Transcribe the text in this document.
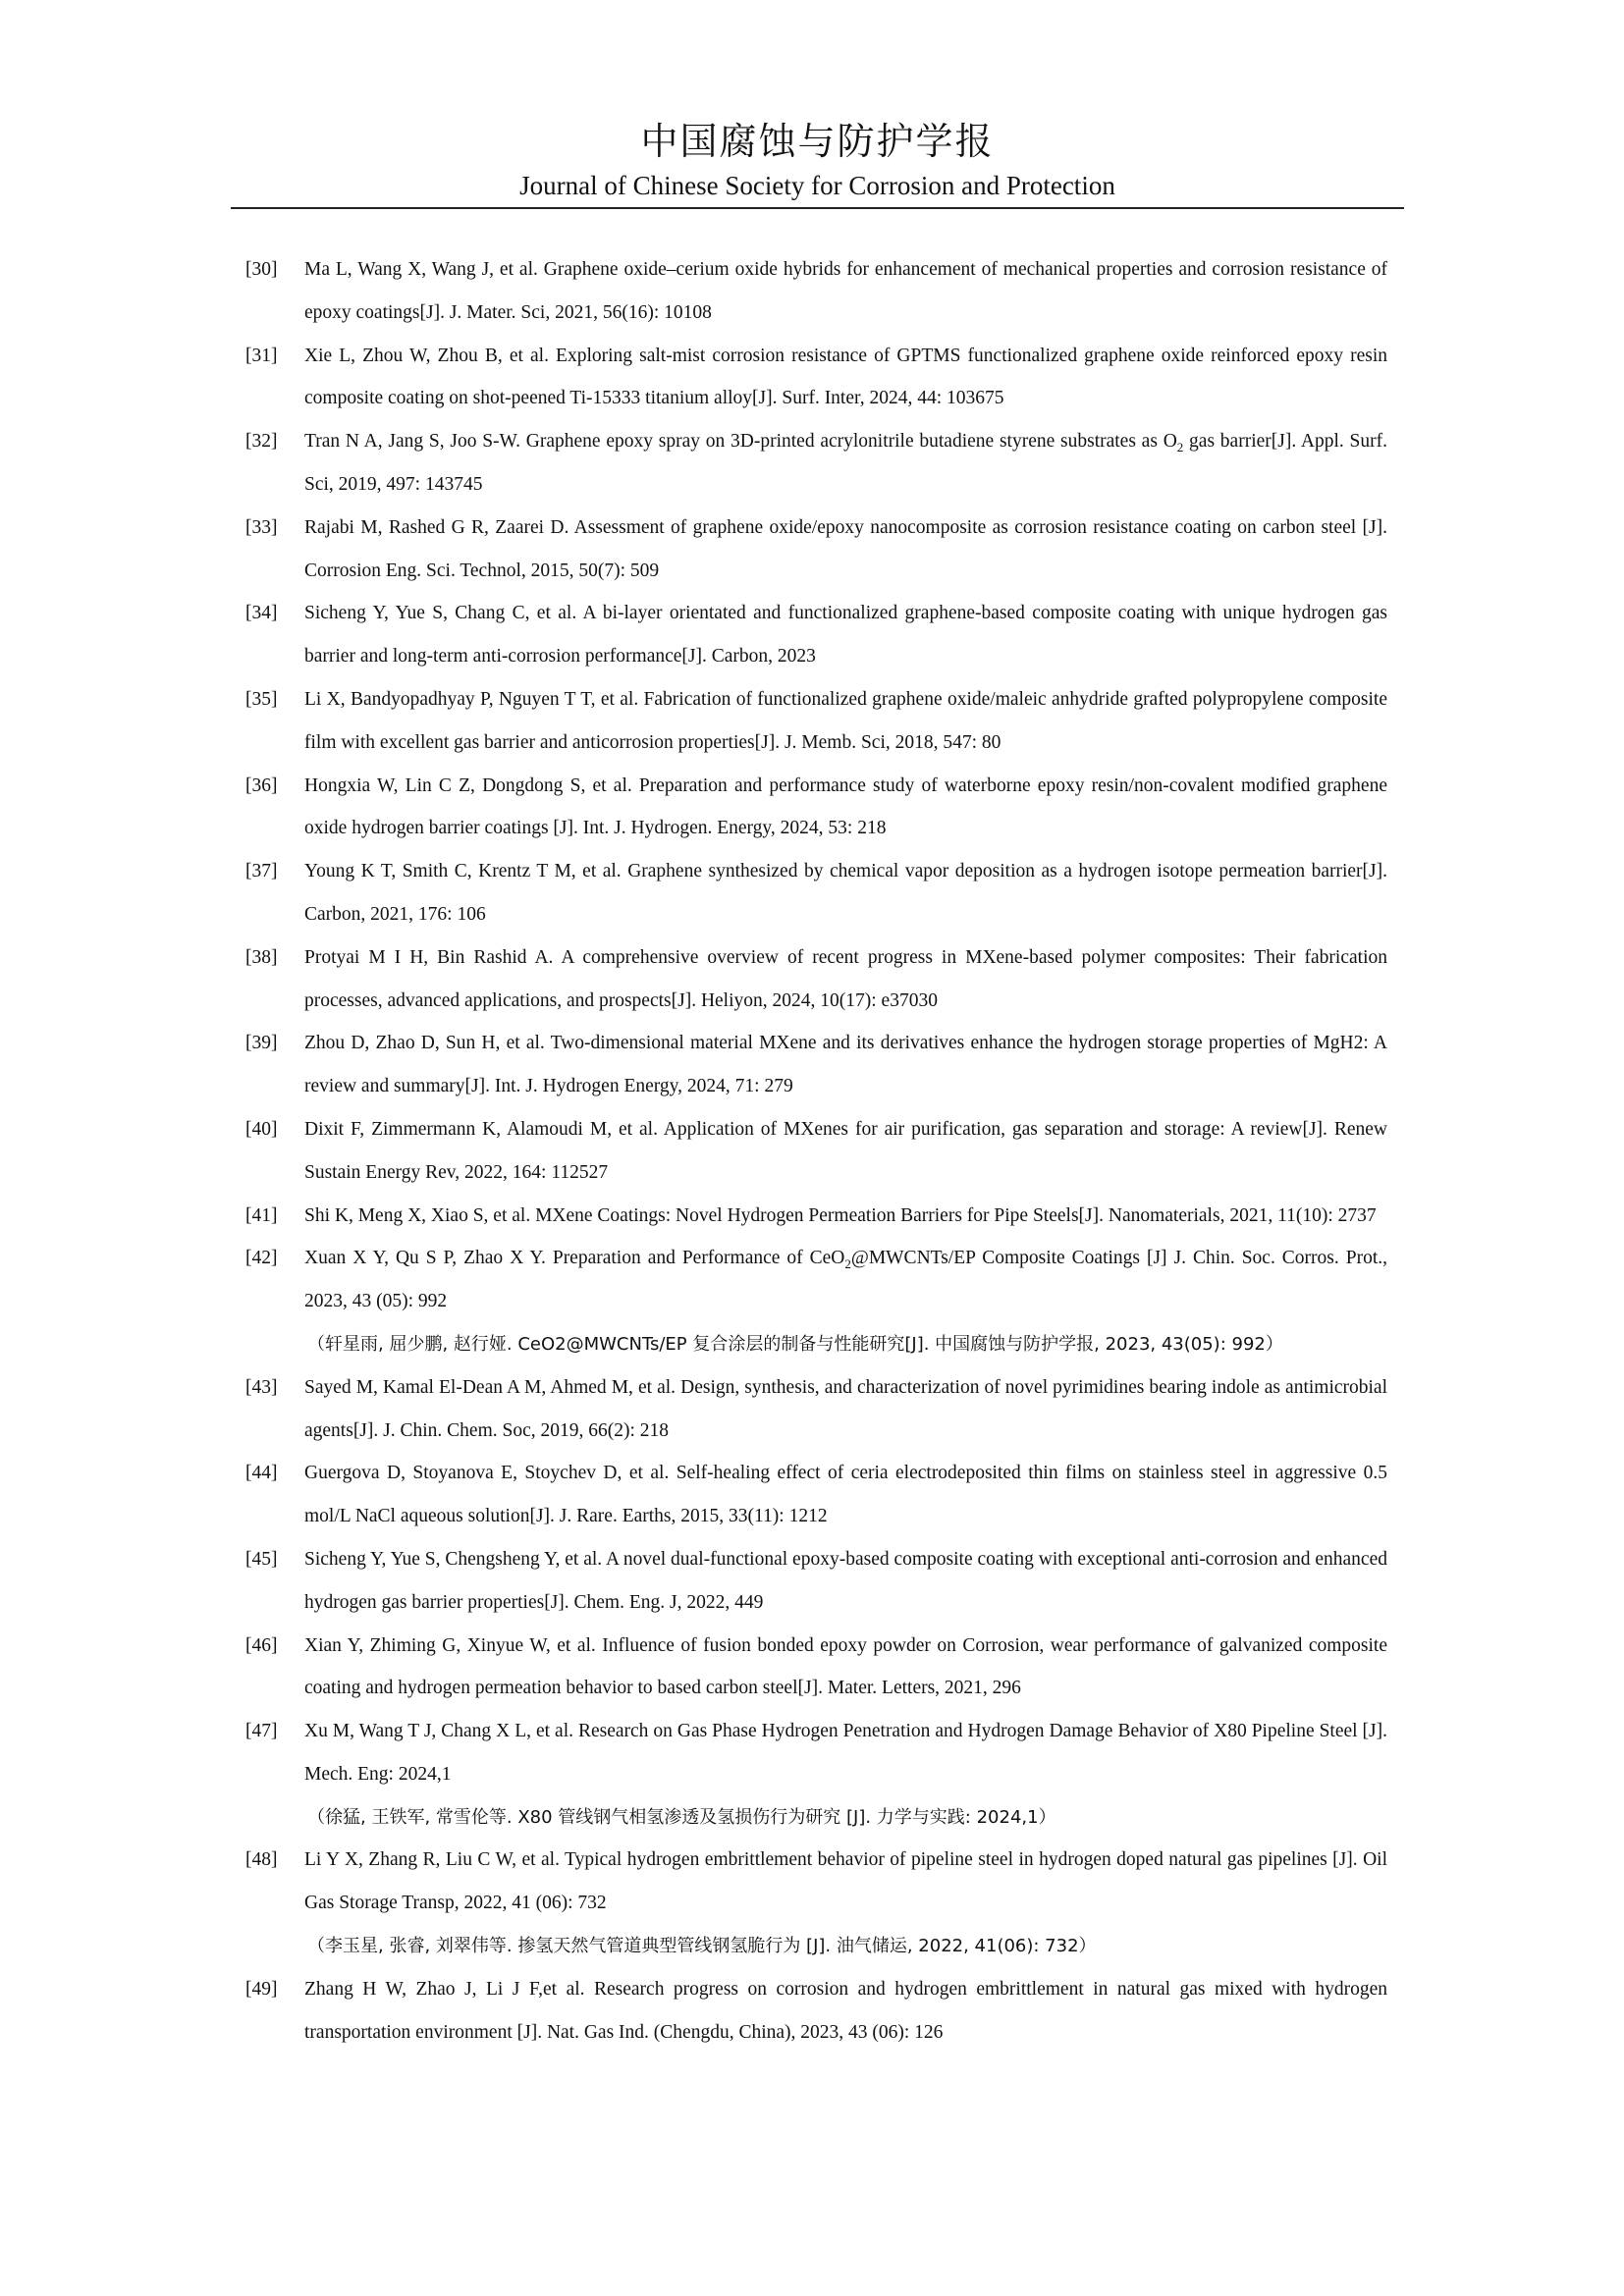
中国腐蚀与防护学报
Journal of Chinese Society for Corrosion and Protection
[30]	Ma L, Wang X, Wang J, et al. Graphene oxide–cerium oxide hybrids for enhancement of mechanical properties and corrosion resistance of epoxy coatings[J]. J. Mater. Sci, 2021, 56(16): 10108
[31]	Xie L, Zhou W, Zhou B, et al. Exploring salt-mist corrosion resistance of GPTMS functionalized graphene oxide reinforced epoxy resin composite coating on shot-peened Ti-15333 titanium alloy[J]. Surf. Inter, 2024, 44: 103675
[32]	Tran N A, Jang S, Joo S-W. Graphene epoxy spray on 3D-printed acrylonitrile butadiene styrene substrates as $O_2$ gas barrier[J]. Appl. Surf. Sci, 2019, 497: 143745
[33]	Rajabi M, Rashed G R, Zaarei D. Assessment of graphene oxide/epoxy nanocomposite as corrosion resistance coating on carbon steel [J]. Corrosion Eng. Sci. Technol, 2015, 50(7): 509
[34]	Sicheng Y, Yue S, Chang C, et al. A bi-layer orientated and functionalized graphene-based composite coating with unique hydrogen gas barrier and long-term anti-corrosion performance[J]. Carbon, 2023
[35]	Li X, Bandyopadhyay P, Nguyen T T, et al. Fabrication of functionalized graphene oxide/maleic anhydride grafted polypropylene composite film with excellent gas barrier and anticorrosion properties[J]. J. Memb. Sci, 2018, 547: 80
[36]	Hongxia W, Lin C Z, Dongdong S, et al. Preparation and performance study of waterborne epoxy resin/non-covalent modified graphene oxide hydrogen barrier coatings [J]. Int. J. Hydrogen. Energy, 2024, 53: 218
[37]	Young K T, Smith C, Krentz T M, et al. Graphene synthesized by chemical vapor deposition as a hydrogen isotope permeation barrier[J]. Carbon, 2021, 176: 106
[38]	Protyai M I H, Bin Rashid A. A comprehensive overview of recent progress in MXene-based polymer composites: Their fabrication processes, advanced applications, and prospects[J]. Heliyon, 2024, 10(17): e37030
[39]	Zhou D, Zhao D, Sun H, et al. Two-dimensional material MXene and its derivatives enhance the hydrogen storage properties of MgH2: A review and summary[J]. Int. J. Hydrogen Energy, 2024, 71: 279
[40]	Dixit F, Zimmermann K, Alamoudi M, et al. Application of MXenes for air purification, gas separation and storage: A review[J]. Renew Sustain Energy Rev, 2022, 164: 112527
[41]	Shi K, Meng X, Xiao S, et al. MXene Coatings: Novel Hydrogen Permeation Barriers for Pipe Steels[J]. Nanomaterials, 2021, 11(10): 2737
[42]	Xuan X Y, Qu S P, Zhao X Y. Preparation and Performance of CeO$_2$@MWCNTs/EP Composite Coatings [J] J. Chin. Soc. Corros. Prot., 2023, 43 (05): 992
（轩星雨, 屈少鹏, 赵行娅. CeO2@MWCNTs/EP 复合涂层的制备与性能研究[J]. 中国腐蚀与防护学报, 2023, 43(05): 992）
[43]	Sayed M, Kamal El-Dean A M, Ahmed M, et al. Design, synthesis, and characterization of novel pyrimidines bearing indole as antimicrobial agents[J]. J. Chin. Chem. Soc, 2019, 66(2): 218
[44]	Guergova D, Stoyanova E, Stoychev D, et al. Self-healing effect of ceria electrodeposited thin films on stainless steel in aggressive 0.5 mol/L NaCl aqueous solution[J]. J. Rare. Earths, 2015, 33(11): 1212
[45]	Sicheng Y, Yue S, Chengsheng Y, et al. A novel dual-functional epoxy-based composite coating with exceptional anti-corrosion and enhanced hydrogen gas barrier properties[J]. Chem. Eng. J, 2022, 449
[46]	Xian Y, Zhiming G, Xinyue W, et al. Influence of fusion bonded epoxy powder on Corrosion, wear performance of galvanized composite coating and hydrogen permeation behavior to based carbon steel[J]. Mater. Letters, 2021, 296
[47]	Xu M, Wang T J, Chang X L, et al. Research on Gas Phase Hydrogen Penetration and Hydrogen Damage Behavior of X80 Pipeline Steel [J]. Mech. Eng: 2024,1
（徐猛, 王铁军, 常雪伦等. X80 管线钢气相氢渗透及氢损伤行为研究 [J]. 力学与实践: 2024,1）
[48]	Li Y X, Zhang R, Liu C W, et al. Typical hydrogen embrittlement behavior of pipeline steel in hydrogen doped natural gas pipelines [J]. Oil Gas Storage Transp, 2022, 41 (06): 732
（李玉星, 张睿, 刘翠伟等. 掺氢天然气管道典型管线钢氢脆行为 [J]. 油气储运, 2022, 41(06): 732）
[49]	Zhang H W, Zhao J, Li J F,et al. Research progress on corrosion and hydrogen embrittlement in natural gas mixed with hydrogen transportation environment [J]. Nat. Gas Ind. (Chengdu, China), 2023, 43 (06): 126
